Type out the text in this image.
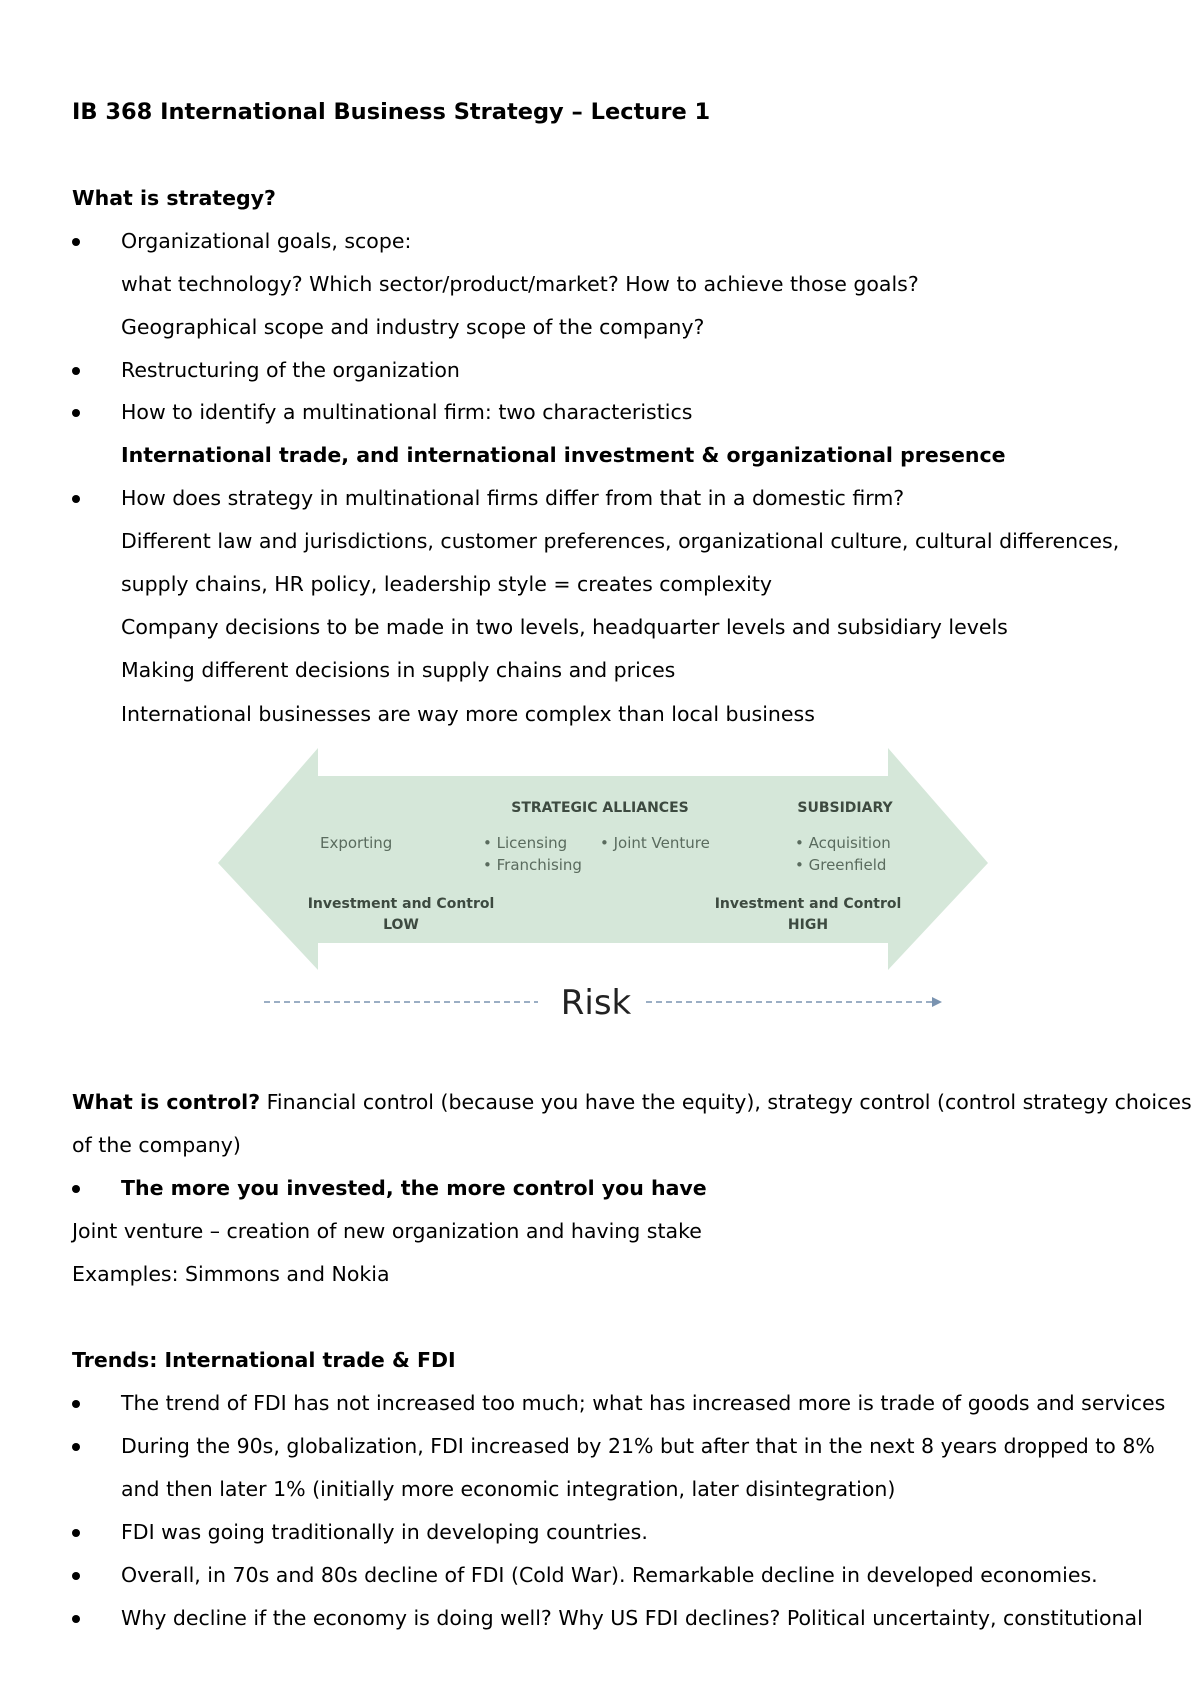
IB 368 International Business Strategy – Lecture 1
What is strategy?
Organizational goals, scope:
what technology? Which sector/product/market? How to achieve those goals?
Geographical scope and industry scope of the company?
Restructuring of the organization
How to identify a multinational firm: two characteristics
International trade, and international investment & organizational presence
How does strategy in multinational firms differ from that in a domestic firm?
Different law and jurisdictions, customer preferences, organizational culture, cultural differences,
supply chains, HR policy, leadership style = creates complexity
Company decisions to be made in two levels, headquarter levels and subsidiary levels
Making different decisions in supply chains and prices
International businesses are way more complex than local business
Exporting
STRATEGIC ALLIANCES
• Licensing
• Franchising
• Joint Venture
SUBSIDIARY
• Acquisition
• Greenfield
Investment and Control
LOW
Investment and Control
HIGH
Risk
What is control? Financial control (because you have the equity), strategy control (control strategy choices
of the company)
The more you invested, the more control you have
Joint venture – creation of new organization and having stake
Examples: Simmons and Nokia
Trends: International trade & FDI
The trend of FDI has not increased too much; what has increased more is trade of goods and services
During the 90s, globalization, FDI increased by 21% but after that in the next 8 years dropped to 8%
and then later 1% (initially more economic integration, later disintegration)
FDI was going traditionally in developing countries.
Overall, in 70s and 80s decline of FDI (Cold War). Remarkable decline in developed economies.
Why decline if the economy is doing well? Why US FDI declines? Political uncertainty, constitutional
